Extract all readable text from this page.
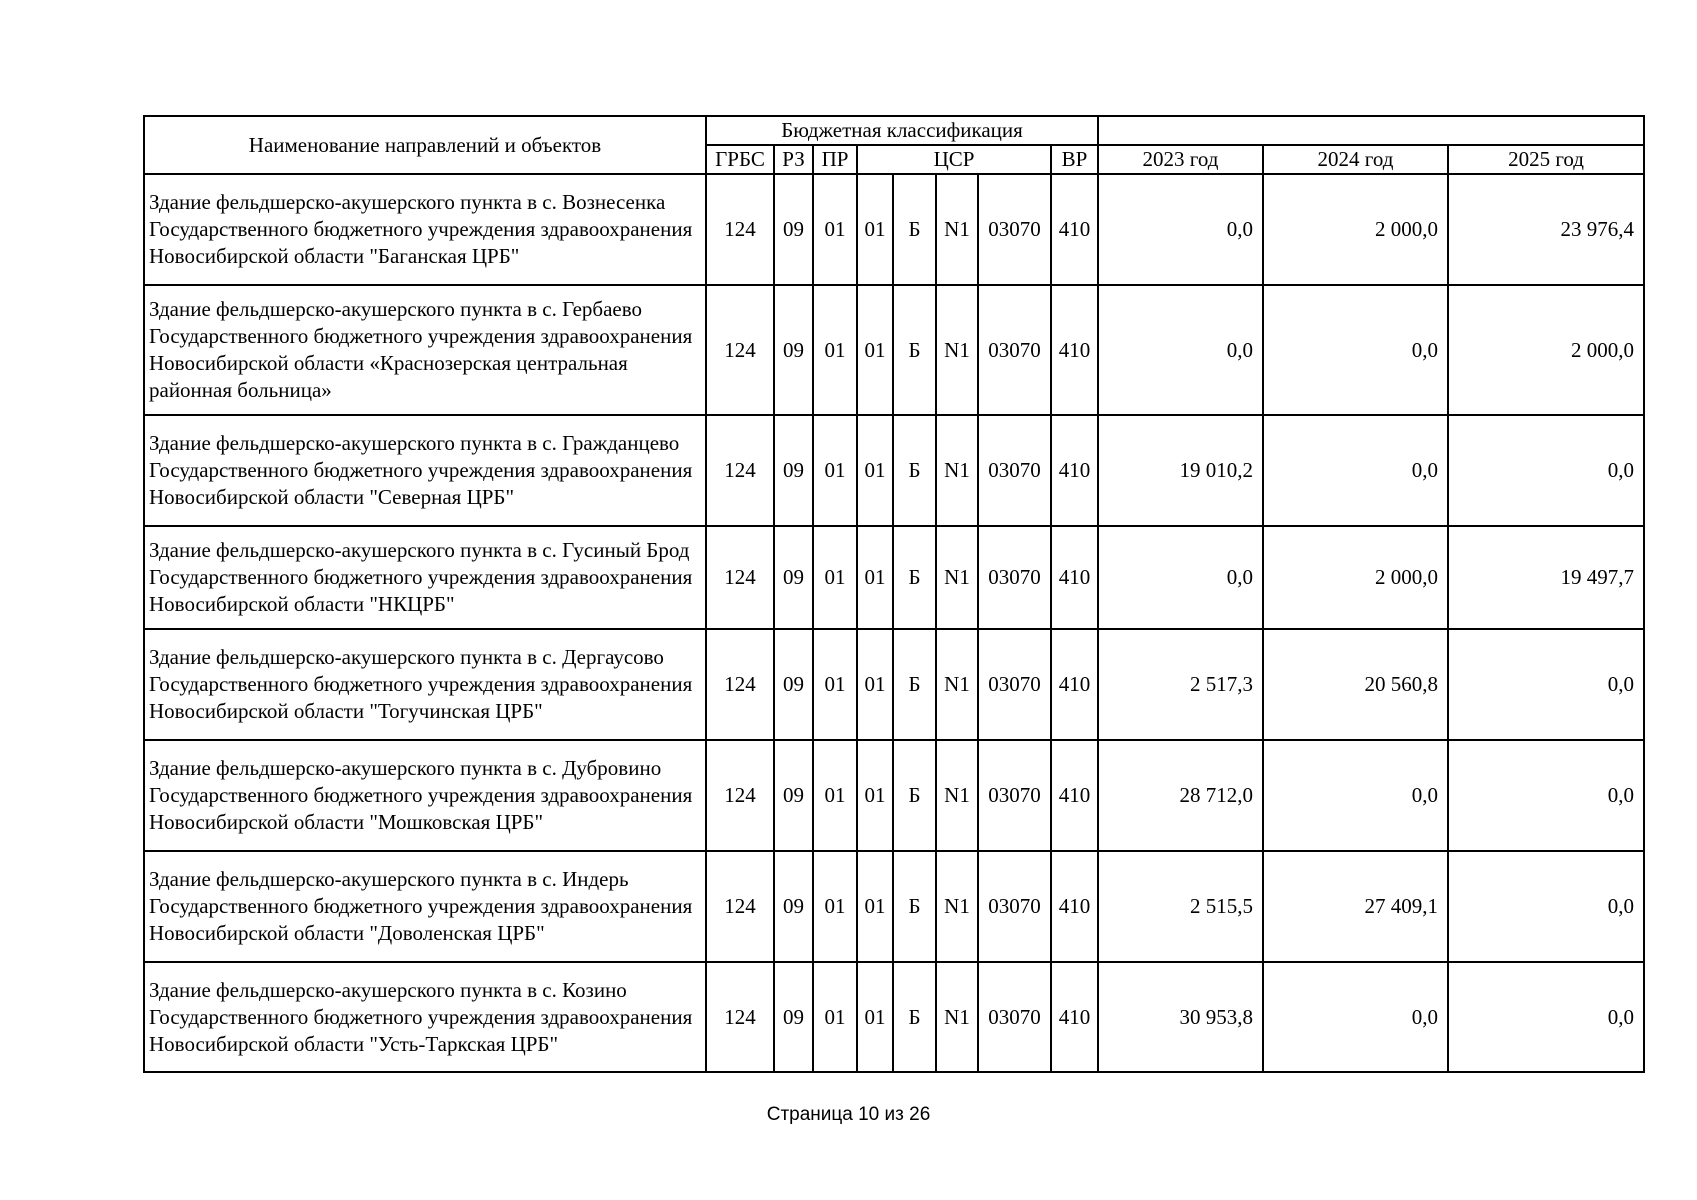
Наименование направлений и объектов	Бюджетная классификация										
	ГРБС	РЗ	ПР	ЦСР				ВР	2023 год	2024 год	2025 год
Здание фельдшерско-акушерского пункта в с. Вознесенка Государственного бюджетного учреждения здравоохранения Новосибирской области "Баганская ЦРБ"	124	09	01	01	Б	N1	03070	410	0,0	2 000,0	23 976,4
Здание фельдшерско-акушерского пункта в с. Гербаево Государственного бюджетного учреждения здравоохранения Новосибирской области «Краснозерская центральная районная больница»	124	09	01	01	Б	N1	03070	410	0,0	0,0	2 000,0
Здание фельдшерско-акушерского пункта в с. Гражданцево Государственного бюджетного учреждения здравоохранения Новосибирской области "Северная ЦРБ"	124	09	01	01	Б	N1	03070	410	19 010,2	0,0	0,0
Здание фельдшерско-акушерского пункта в с. Гусиный Брод Государственного бюджетного учреждения здравоохранения Новосибирской области "НКЦРБ"	124	09	01	01	Б	N1	03070	410	0,0	2 000,0	19 497,7
Здание фельдшерско-акушерского пункта в с. Дергаусово Государственного бюджетного учреждения здравоохранения Новосибирской области "Тогучинская ЦРБ"	124	09	01	01	Б	N1	03070	410	2 517,3	20 560,8	0,0
Здание фельдшерско-акушерского пункта в с. Дубровино Государственного бюджетного учреждения здравоохранения Новосибирской области "Мошковская ЦРБ"	124	09	01	01	Б	N1	03070	410	28 712,0	0,0	0,0
Здание фельдшерско-акушерского пункта в с. Индерь Государственного бюджетного учреждения здравоохранения Новосибирской области "Доволенская ЦРБ"	124	09	01	01	Б	N1	03070	410	2 515,5	27 409,1	0,0
Здание фельдшерско-акушерского пункта в с. Козино Государственного бюджетного учреждения здравоохранения Новосибирской области "Усть-Таркская ЦРБ"	124	09	01	01	Б	N1	03070	410	30 953,8	0,0	0,0
Страница 10 из 26
